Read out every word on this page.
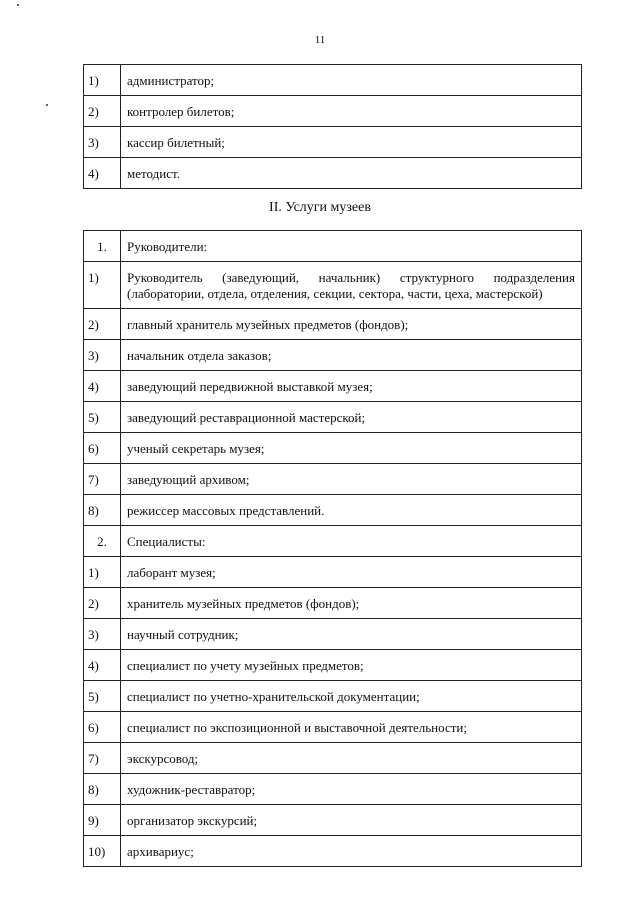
11
1)	администратор;
2)	контролер билетов;
3)	кассир билетный;
4)	методист.
II. Услуги музеев
1.	Руководители:
1)	Руководитель (заведующий, начальник) структурного подразделения (лаборатории, отдела, отделения, секции, сектора, части, цеха, мастерской)
2)	главный хранитель музейных предметов (фондов);
3)	начальник отдела заказов;
4)	заведующий передвижной выставкой музея;
5)	заведующий реставрационной мастерской;
6)	ученый секретарь музея;
7)	заведующий архивом;
8)	режиссер массовых представлений.
2.	Специалисты:
1)	лаборант музея;
2)	хранитель музейных предметов (фондов);
3)	научный сотрудник;
4)	специалист по учету музейных предметов;
5)	специалист по учетно-хранительской документации;
6)	специалист по экспозиционной и выставочной деятельности;
7)	экскурсовод;
8)	художник-реставратор;
9)	организатор экскурсий;
10)	архивариус;
